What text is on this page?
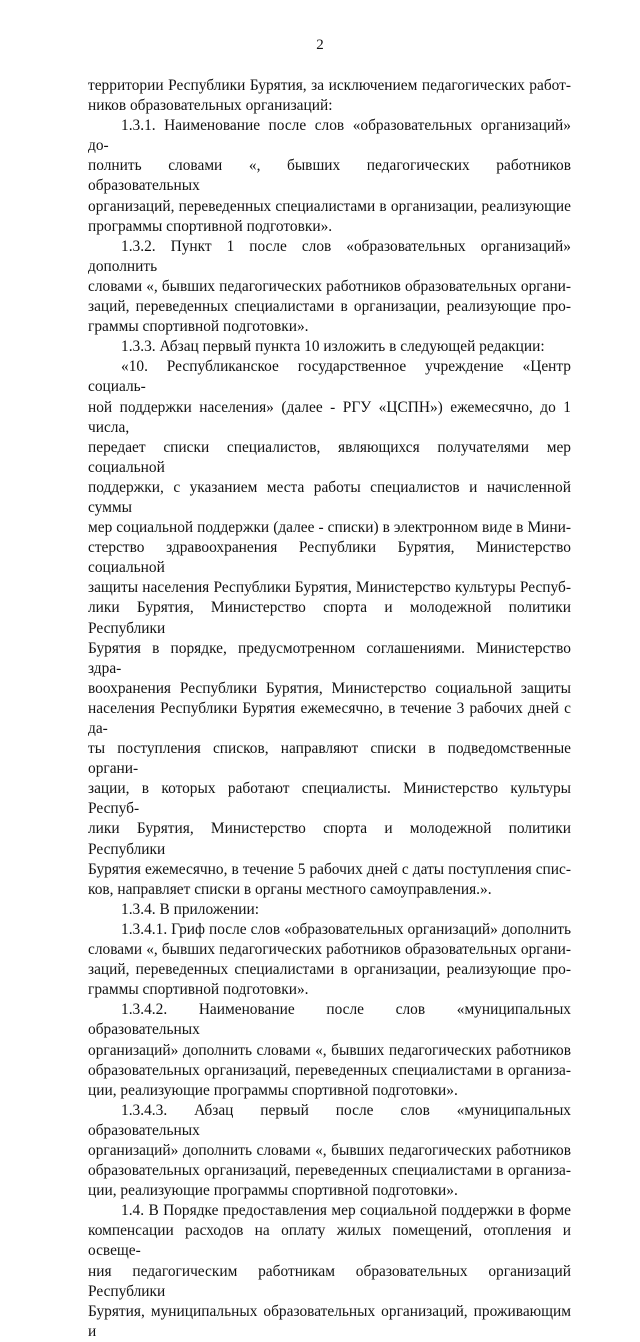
2

территории Республики Бурятия, за исключением педагогических работ-

ников образовательных организаций:

1.3.1. Наименование после слов «образовательных организаций» до-

полнить словами «, бывших педагогических работников образовательных

организаций, переведенных специалистами в организации, реализующие

программы спортивной подготовки».

1.3.2. Пункт 1 после слов «образовательных организаций» дополнить

словами «, бывших педагогических работников образовательных органи-

заций, переведенных специалистами в организации, реализующие про-

граммы спортивной подготовки».

1.3.3. Абзац первый пункта 10 изложить в следующей редакции:

«10. Республиканское государственное учреждение «Центр социаль-

ной поддержки населения» (далее - РГУ «ЦСПН») ежемесячно, до 1 числа,

передает списки специалистов, являющихся получателями мер социальной

поддержки, с указанием места работы специалистов и начисленной суммы

мер социальной поддержки (далее - списки) в электронном виде в Мини-

стерство здравоохранения Республики Бурятия, Министерство социальной

защиты населения Республики Бурятия, Министерство культуры Респуб-

лики Бурятия, Министерство спорта и молодежной политики Республики

Бурятия в порядке, предусмотренном соглашениями. Министерство здра-

воохранения Республики Бурятия, Министерство социальной защиты

населения Республики Бурятия ежемесячно, в течение 3 рабочих дней с да-

ты поступления списков, направляют списки в подведомственные органи-

зации, в которых работают специалисты. Министерство культуры Респуб-

лики Бурятия, Министерство спорта и молодежной политики Республики

Бурятия ежемесячно, в течение 5 рабочих дней с даты поступления спис-

ков, направляет списки в органы местного самоуправления.».

1.3.4. В приложении:

1.3.4.1. Гриф после слов «образовательных организаций» дополнить

словами «, бывших педагогических работников образовательных органи-

заций, переведенных специалистами в организации, реализующие про-

граммы спортивной подготовки».

1.3.4.2. Наименование после слов «муниципальных образовательных

организаций» дополнить словами «, бывших педагогических работников

образовательных организаций, переведенных специалистами в организа-

ции, реализующие программы спортивной подготовки».

1.3.4.3. Абзац первый после слов «муниципальных образовательных

организаций» дополнить словами «, бывших педагогических работников

образовательных организаций, переведенных специалистами в организа-

ции, реализующие программы спортивной подготовки».

1.4. В Порядке предоставления мер социальной поддержки в форме

компенсации расходов на оплату жилых помещений, отопления и освеще-

ния педагогическим работникам образовательных организаций Республики

Бурятия, муниципальных образовательных организаций, проживающим и
